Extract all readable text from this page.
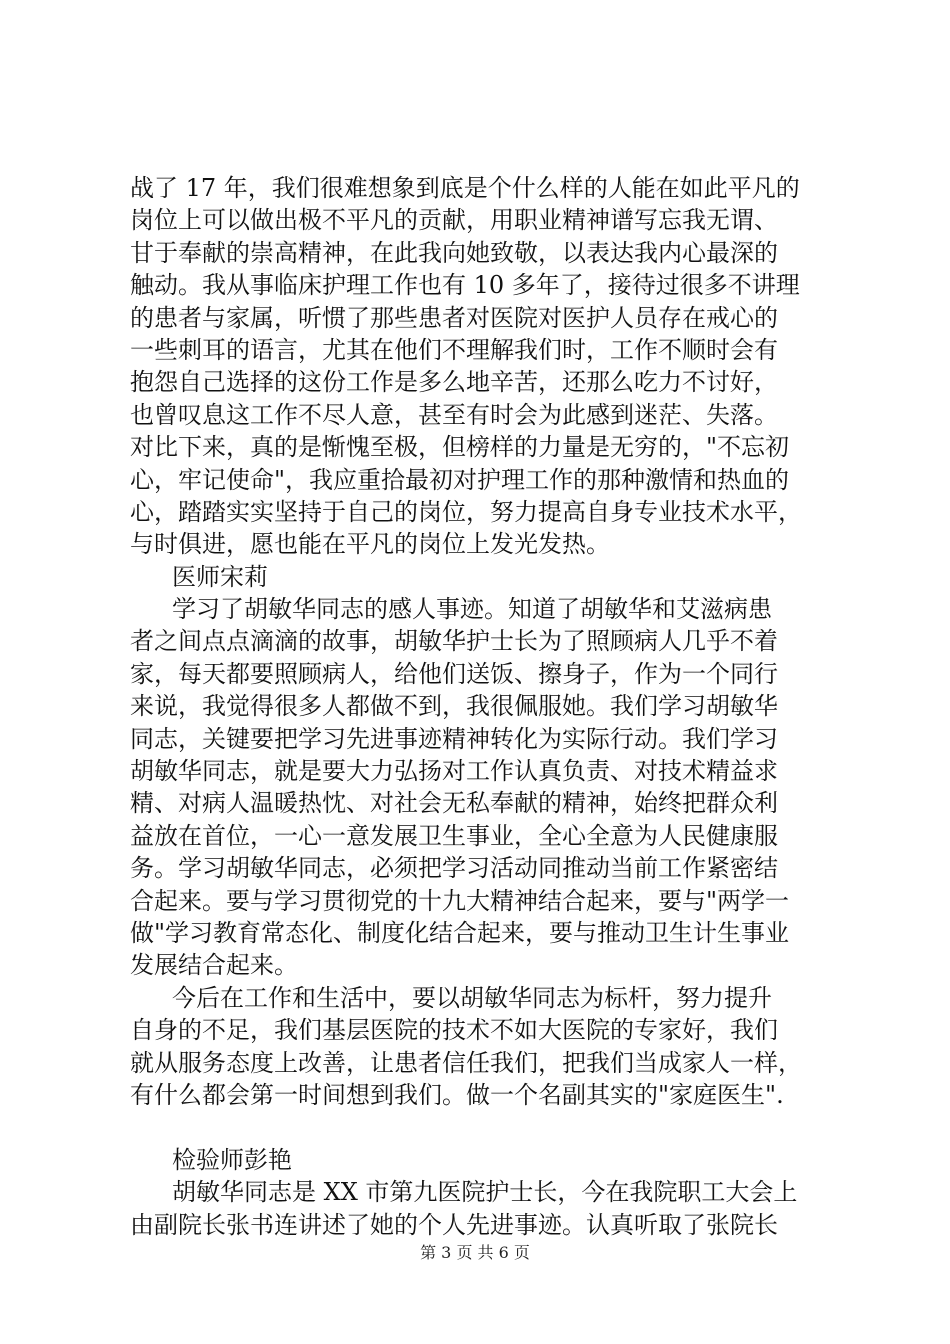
战了 17 年，我们很难想象到底是个什么样的人能在如此平凡的
岗位上可以做出极不平凡的贡献，用职业精神谱写忘我无谓、
甘于奉献的崇高精神，在此我向她致敬，以表达我内心最深的
触动。我从事临床护理工作也有 10 多年了，接待过很多不讲理
的患者与家属，听惯了那些患者对医院对医护人员存在戒心的
一些刺耳的语言，尤其在他们不理解我们时，工作不顺时会有
抱怨自己选择的这份工作是多么地辛苦，还那么吃力不讨好，
也曾叹息这工作不尽人意，甚至有时会为此感到迷茫、失落。
对比下来，真的是惭愧至极，但榜样的力量是无穷的，"不忘初
心，牢记使命"，我应重拾最初对护理工作的那种激情和热血的
心，踏踏实实坚持于自己的岗位，努力提高自身专业技术水平，
与时俱进，愿也能在平凡的岗位上发光发热。
医师宋莉
学习了胡敏华同志的感人事迹。知道了胡敏华和艾滋病患
者之间点点滴滴的故事，胡敏华护士长为了照顾病人几乎不着
家，每天都要照顾病人，给他们送饭、擦身子，作为一个同行
来说，我觉得很多人都做不到，我很佩服她。我们学习胡敏华
同志，关键要把学习先进事迹精神转化为实际行动。我们学习
胡敏华同志，就是要大力弘扬对工作认真负责、对技术精益求
精、对病人温暖热忱、对社会无私奉献的精神，始终把群众利
益放在首位，一心一意发展卫生事业，全心全意为人民健康服
务。学习胡敏华同志，必须把学习活动同推动当前工作紧密结
合起来。要与学习贯彻党的十九大精神结合起来，要与"两学一
做"学习教育常态化、制度化结合起来，要与推动卫生计生事业
发展结合起来。
今后在工作和生活中，要以胡敏华同志为标杆，努力提升
自身的不足，我们基层医院的技术不如大医院的专家好，我们
就从服务态度上改善，让患者信任我们，把我们当成家人一样，
有什么都会第一时间想到我们。做一个名副其实的"家庭医生".
检验师彭艳
胡敏华同志是 XX 市第九医院护士长，今在我院职工大会上
由副院长张书连讲述了她的个人先进事迹。认真听取了张院长
第 3 页 共 6 页
